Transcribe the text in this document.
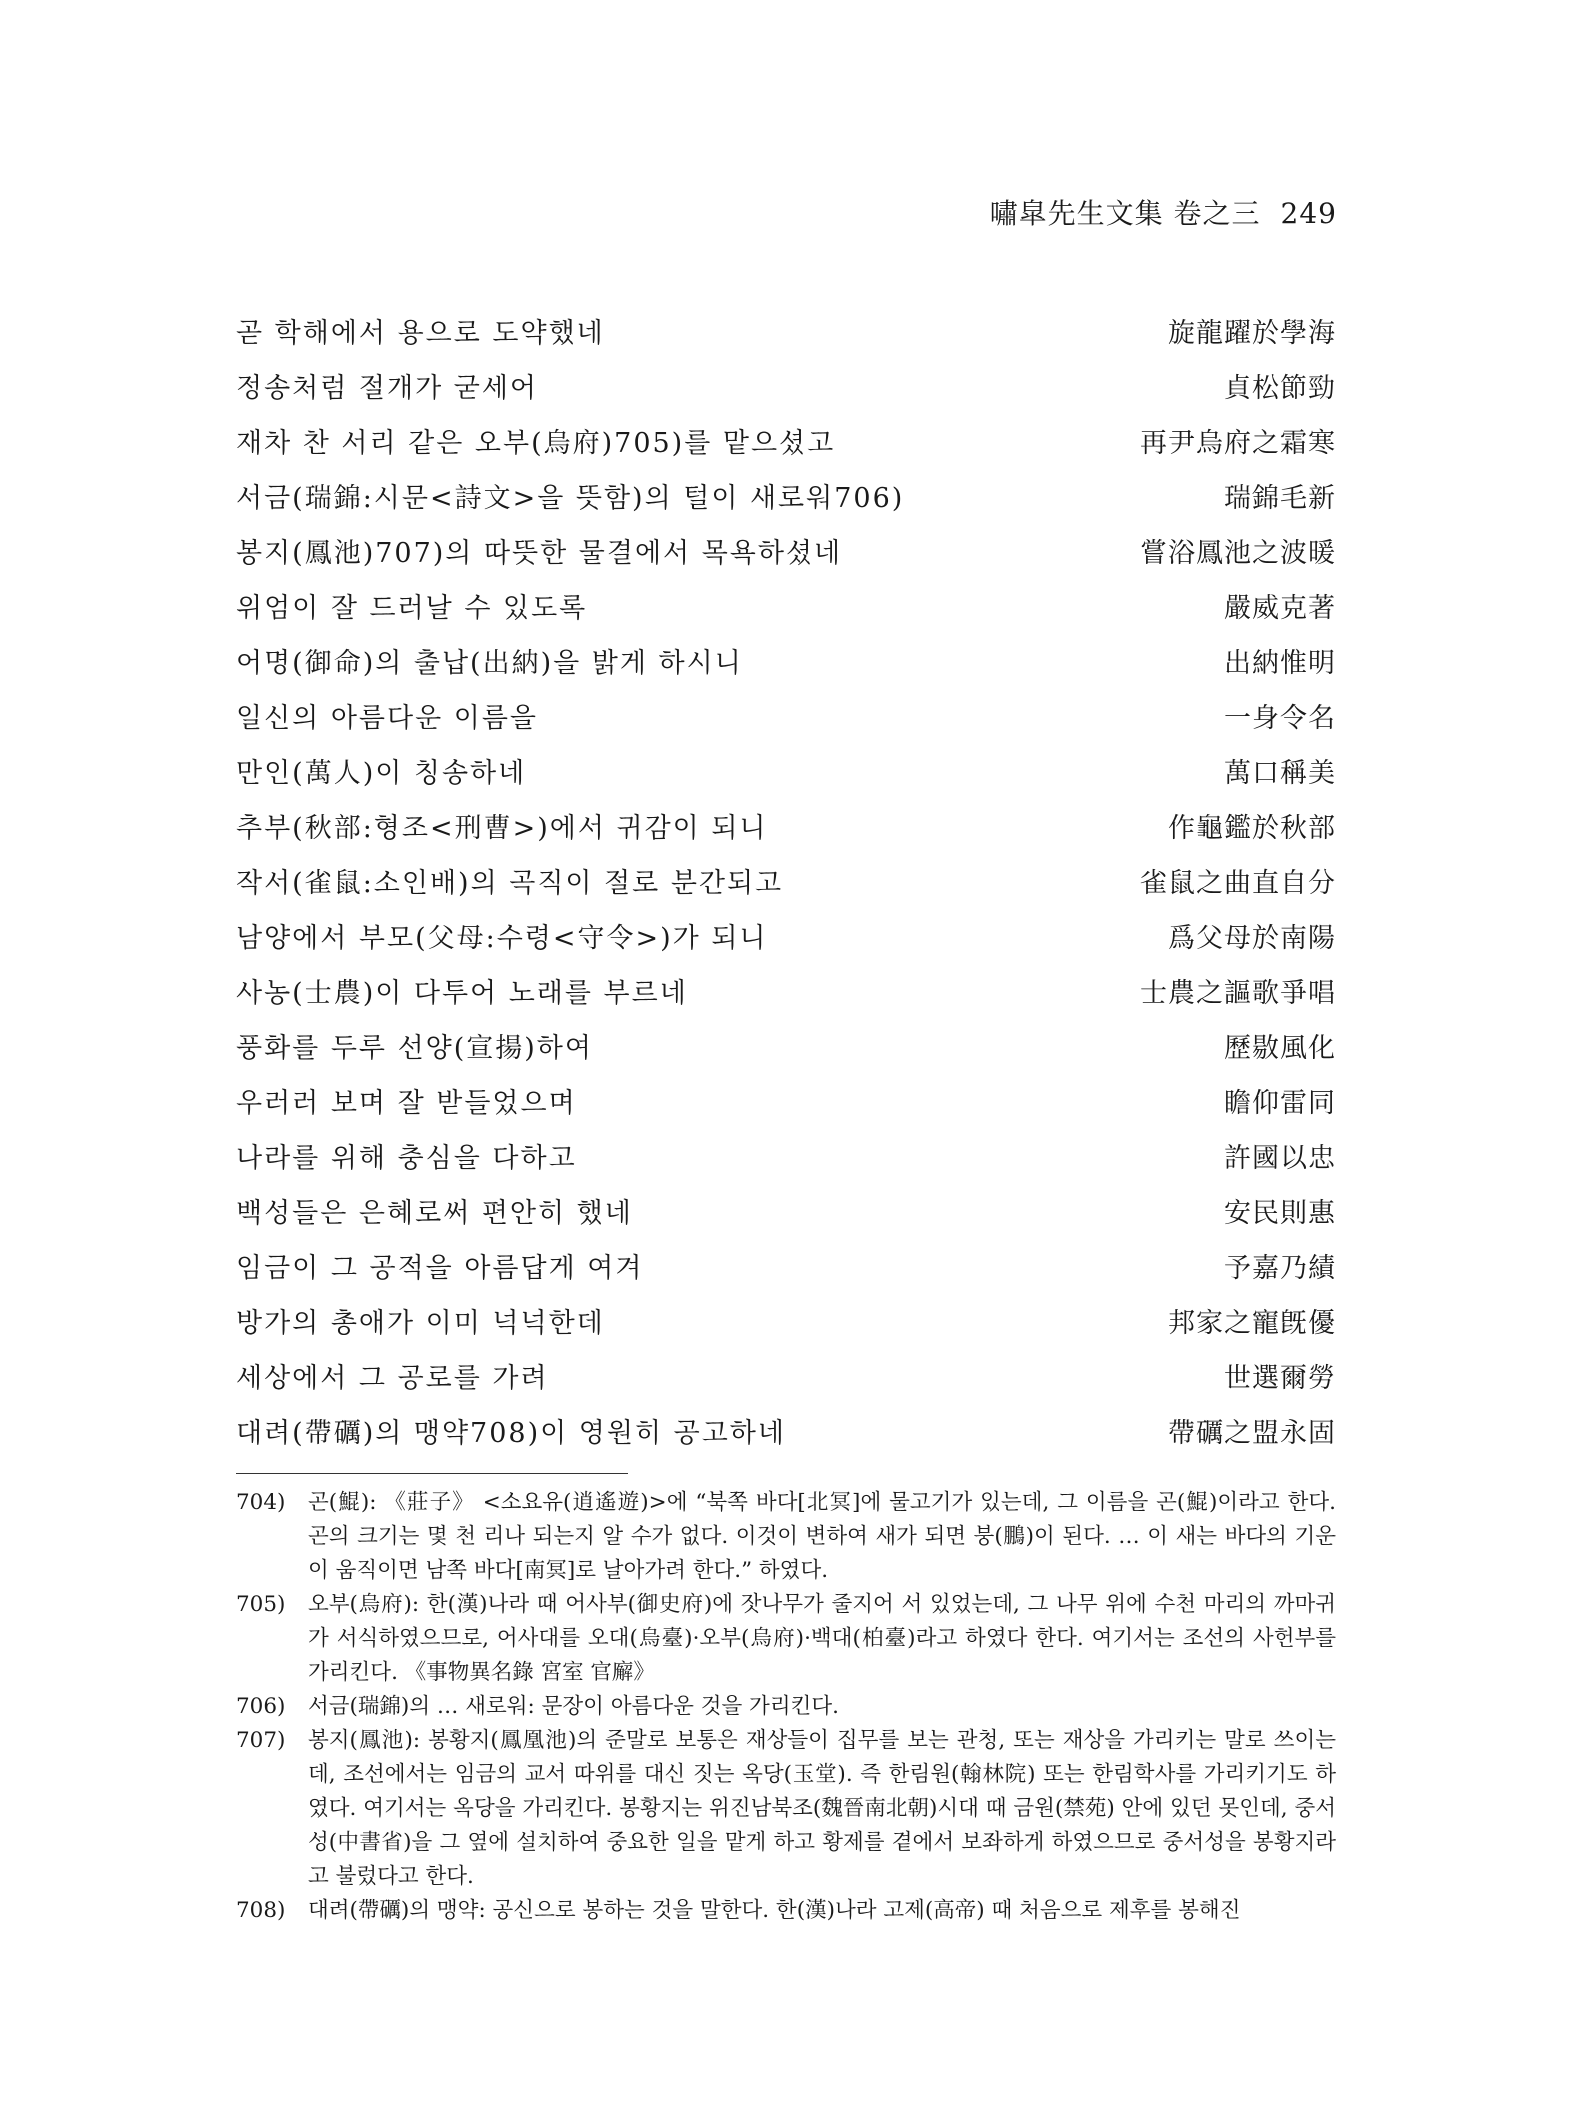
嘯皐先生文集 卷之三 249
곧 학해에서 용으로 도약했네	旋龍躍於學海
정송처럼 절개가 굳세어	貞松節勁
재차 찬 서리 같은 오부(烏府)705)를 맡으셨고	再尹烏府之霜寒
서금(瑞錦:시문<詩文>을 뜻함)의 털이 새로워706)	瑞錦毛新
봉지(鳳池)707)의 따뜻한 물결에서 목욕하셨네	嘗浴鳳池之波暖
위엄이 잘 드러날 수 있도록	嚴威克著
어명(御命)의 출납(出納)을 밝게 하시니	出納惟明
일신의 아름다운 이름을	一身令名
만인(萬人)이 칭송하네	萬口稱美
추부(秋部:형조<刑曹>)에서 귀감이 되니	作龜鑑於秋部
작서(雀鼠:소인배)의 곡직이 절로 분간되고	雀鼠之曲直自分
남양에서 부모(父母:수령<守令>)가 되니	爲父母於南陽
사농(士農)이 다투어 노래를 부르네	士農之謳歌爭唱
풍화를 두루 선양(宣揚)하여	歷敭風化
우러러 보며 잘 받들었으며	瞻仰雷同
나라를 위해 충심을 다하고	許國以忠
백성들은 은혜로써 편안히 했네	安民則惠
임금이 그 공적을 아름답게 여겨	予嘉乃績
방가의 총애가 이미 넉넉한데	邦家之寵旣優
세상에서 그 공로를 가려	世選爾勞
대려(帶礪)의 맹약708)이 영원히 공고하네	帶礪之盟永固
704) 곤(鯤): 《莊子》 <소요유(逍遙遊)>에 “북쪽 바다[北冥]에 물고기가 있는데, 그 이름을 곤(鯤)이라고 한다. 곤의 크기는 몇 천 리나 되는지 알 수가 없다. 이것이 변하여 새가 되면 붕(鵬)이 된다. … 이 새는 바다의 기운이 움직이면 남쪽 바다[南冥]로 날아가려 한다.” 하였다.
705) 오부(烏府): 한(漢)나라 때 어사부(御史府)에 잣나무가 줄지어 서 있었는데, 그 나무 위에 수천 마리의 까마귀가 서식하였으므로, 어사대를 오대(烏臺)·오부(烏府)·백대(柏臺)라고 하였다 한다. 여기서는 조선의 사헌부를 가리킨다. 《事物異名錄 宮室 官廨》
706) 서금(瑞錦)의 … 새로워: 문장이 아름다운 것을 가리킨다.
707) 봉지(鳳池): 봉황지(鳳凰池)의 준말로 보통은 재상들이 집무를 보는 관청, 또는 재상을 가리키는 말로 쓰이는데, 조선에서는 임금의 교서 따위를 대신 짓는 옥당(玉堂). 즉 한림원(翰林院) 또는 한림학사를 가리키기도 하였다. 여기서는 옥당을 가리킨다. 봉황지는 위진남북조(魏晉南北朝)시대 때 금원(禁苑) 안에 있던 못인데, 중서성(中書省)을 그 옆에 설치하여 중요한 일을 맡게 하고 황제를 곁에서 보좌하게 하였으므로 중서성을 봉황지라고 불렀다고 한다.
708) 대려(帶礪)의 맹약: 공신으로 봉하는 것을 말한다. 한(漢)나라 고제(高帝) 때 처음으로 제후를 봉해진
